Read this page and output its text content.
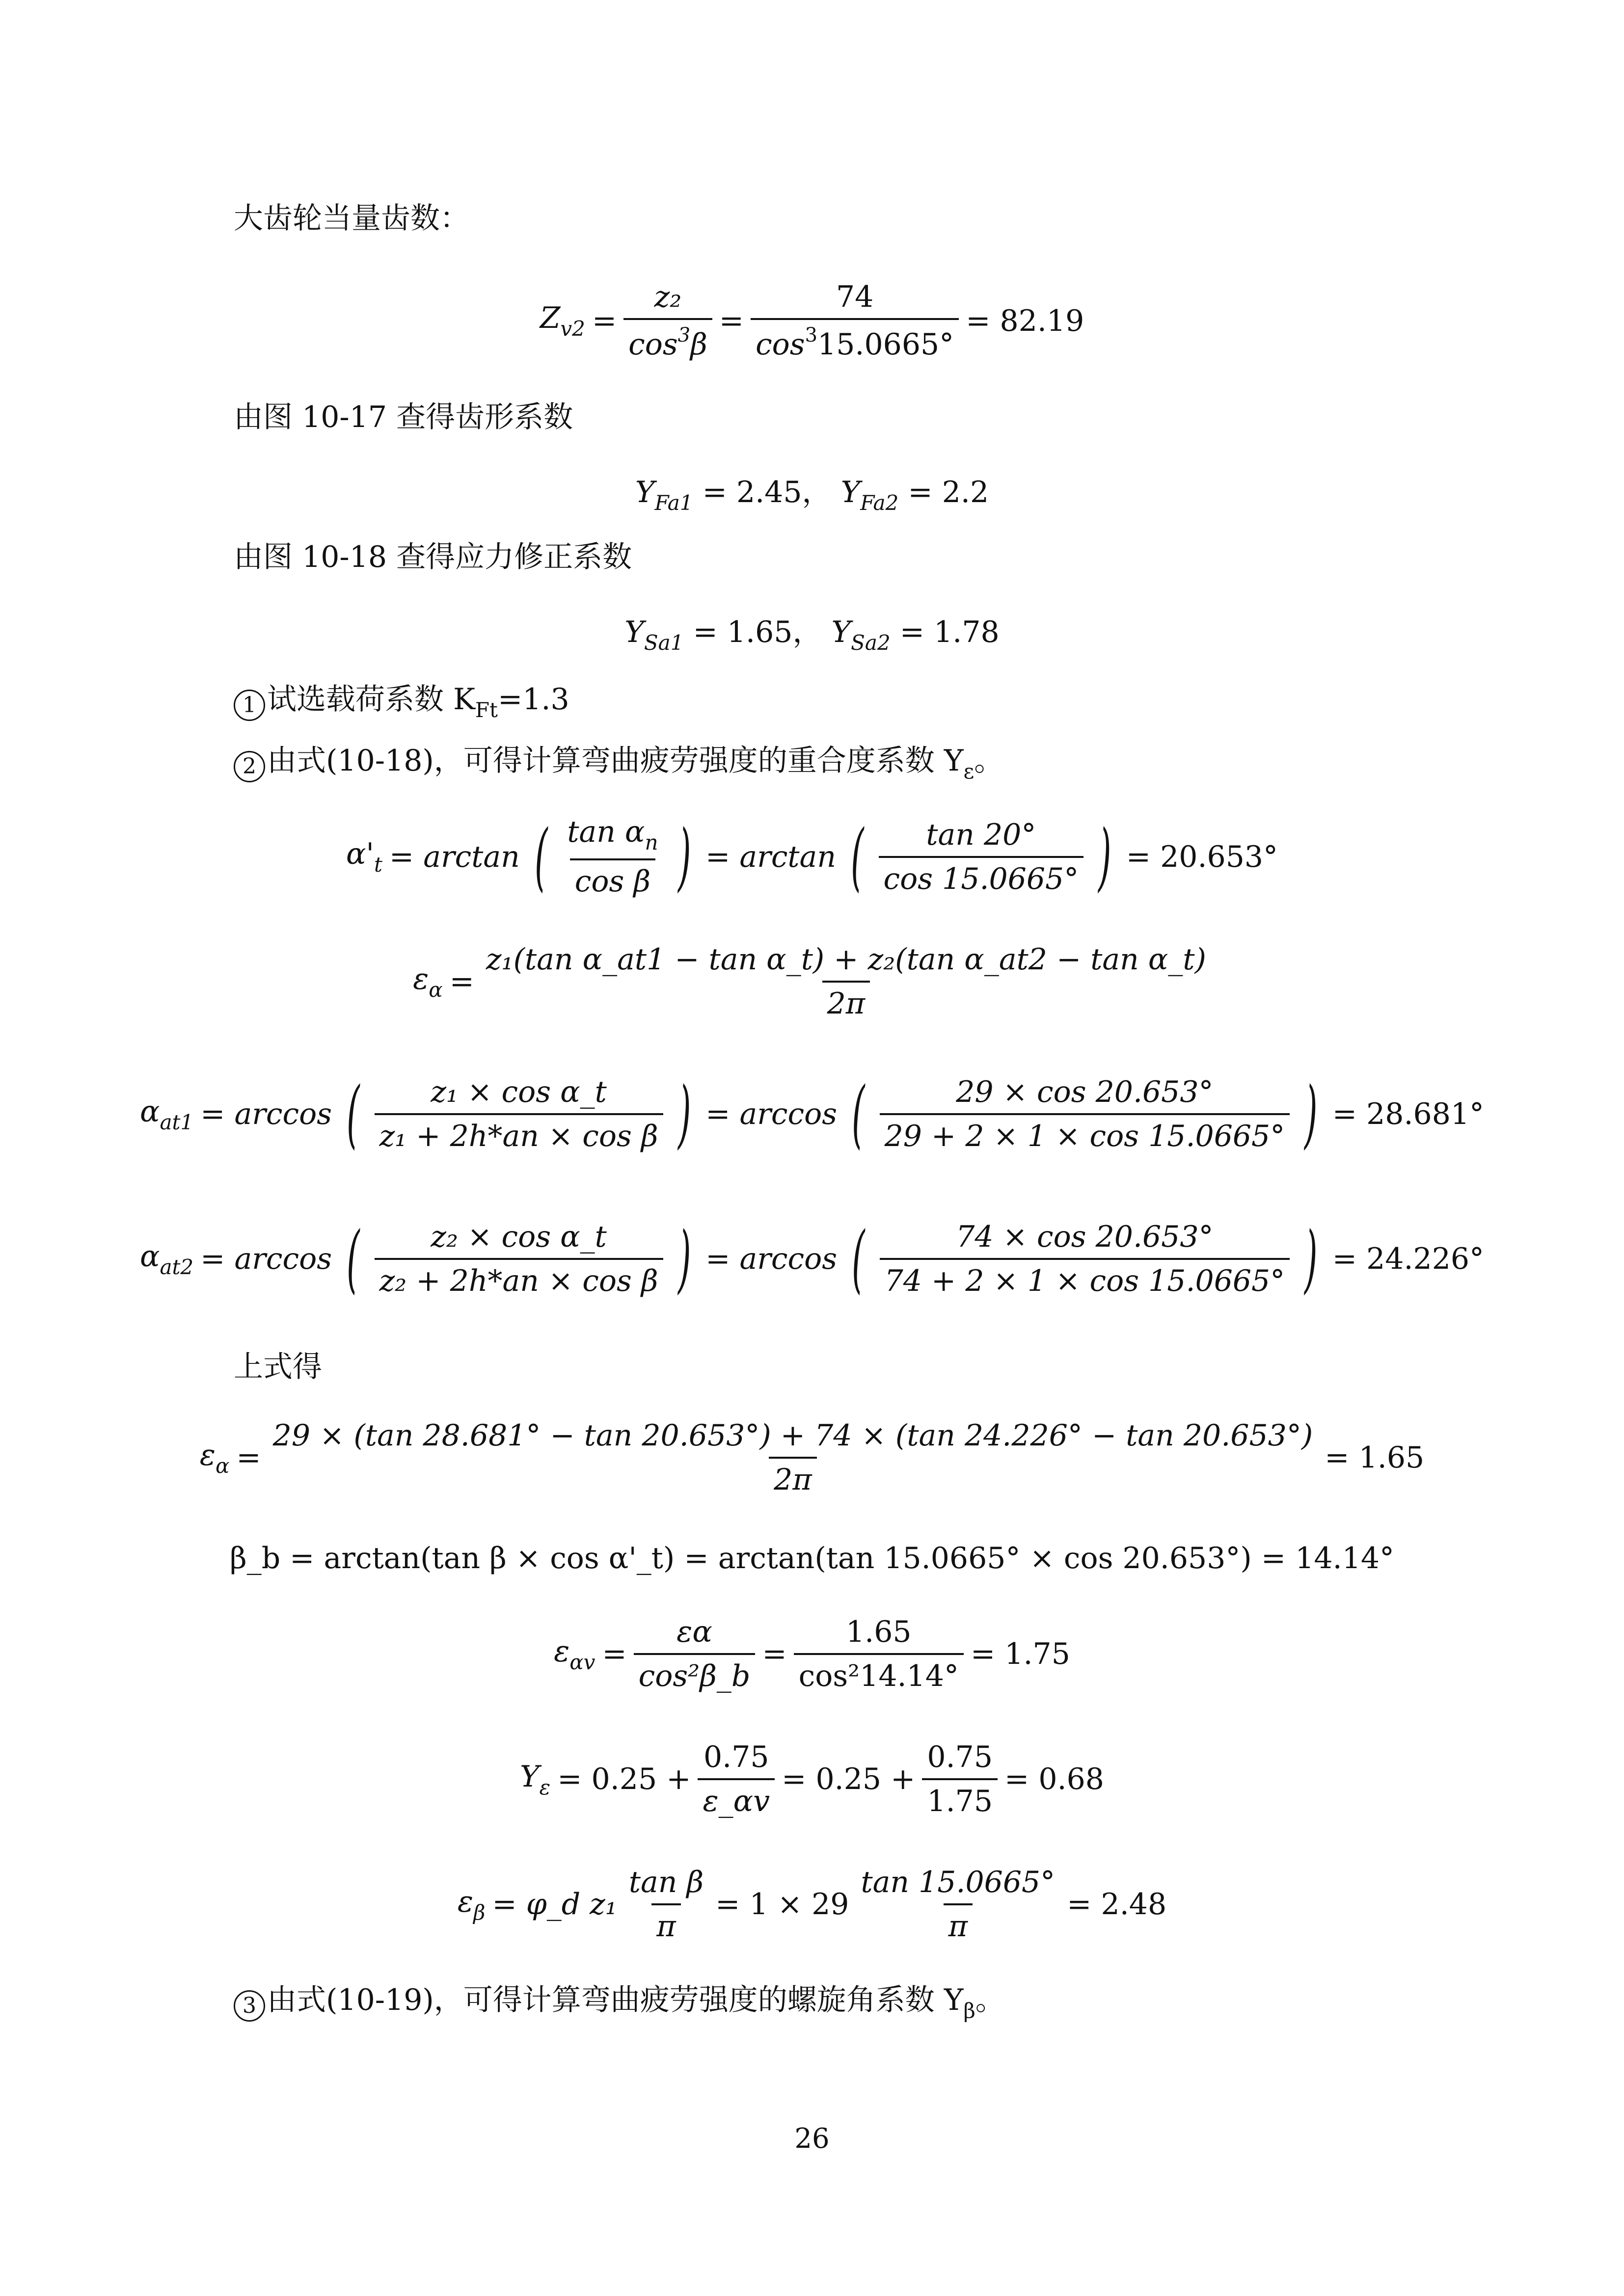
大齿轮当量齿数：
$Z_{v2} = \frac{\text{z₂}}{\cos^3\beta} = \frac{74}{\cos^315.0665^\circ} = 82.19$
由图 10-17 查得齿形系数
$Y_{Fa1} = 2.45$， $Y_{Fa2} = 2.2$
由图 10-18 查得应力修正系数
$Y_{Sa1} = 1.65$， $Y_{Sa2} = 1.78$
1 试选载荷系数 $K_{Ft}=1.3$
2 由式(10-18)，可得计算弯曲疲劳强度的重合度系数 $Y_\varepsilon$。
$\alpha'_t = \arctan$ ( $\frac{\tan \alpha_n}{\text{cos β}}$ ) = arctan ( $\frac{\tan 20^\circ}{\cos 15.0665^\circ}$ ) = 20.653°
$\varepsilon_\alpha = \frac{\text{z₁(tan α\_at1 − tan α\_t) + z₂(tan α\_at2 − tan α\_t)}}{2\pi}$
$\alpha_{at1} = \arccos$ ( $\frac{\text{z₁ × cos α\_t}}{\text{z₁ + 2h*an × cos β}}$ ) = arccos ( $\frac{29 \times \cos 20.653^\circ}{29 + 2 \times 1 \times \cos 15.0665^\circ}$ ) = 28.681°
$\alpha_{at2} = \arccos$ ( $\frac{\text{z₂ × cos α\_t}}{\text{z₂ + 2h*an × cos β}}$ ) = arccos ( $\frac{74 \times \cos 20.653^\circ}{74 + 2 \times 1 \times \cos 15.0665^\circ}$ ) = 24.226°
上式得
$\varepsilon_\alpha$ =
29 × (tan 28.681° − tan 20.653°) + 74 × (tan 24.226° − tan 20.653°)
2π
= 1.65
β_b = arctan(tan β × cos α'_t) = arctan(tan 15.0665° × cos 20.653°) = 14.14°
$\varepsilon_{\alpha v} = \frac{\varepsilon\alpha}{\text{cos²β\_b}} = \frac{1.65}{\text{cos²14.14°}} = 1.75$
$Y_\varepsilon = 0.25 + \frac{0.75}{\varepsilon\_\alpha v} = 0.25 + \frac{0.75}{1.75} = 0.68$
$\varepsilon_\beta$ = φ_d $z_1 \frac{\text{tan β}}{\pi} = 1 \times 29 \frac{\tan 15.0665^\circ}{\pi} = 2.48$
3 由式(10-19)，可得计算弯曲疲劳强度的螺旋角系数 $Y_\beta$。
26
